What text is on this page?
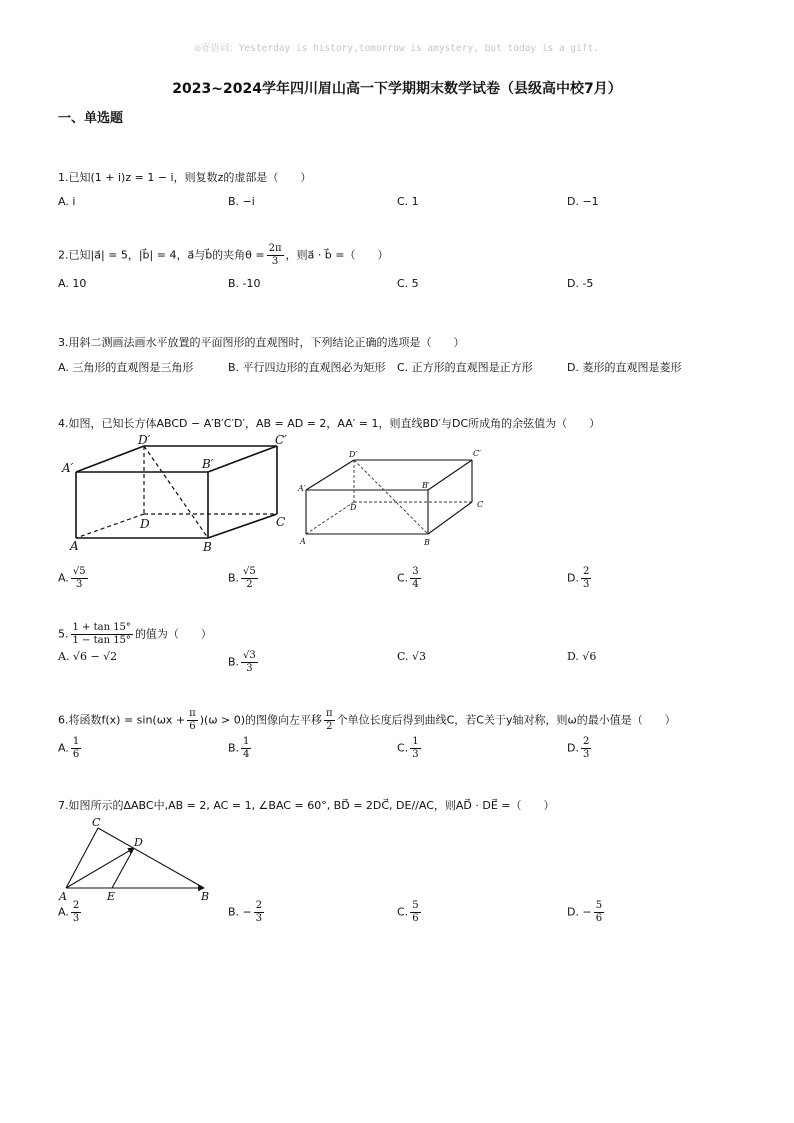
◎寄语词：Yesterday is history,tomorrow is amystery, but today is a gift.
2023~2024学年四川眉山高一下学期期末数学试卷（县级高中校7月）
一、单选题
1.已知(1 + i)z = 1 − i，则复数z的虚部是（　　）
A. i	B. −i	C. 1	D. −1
2.已知|a⃗| = 5，|b⃗| = 4，a⃗与b⃗的夹角$\theta = \frac{2\pi}{3}$ ，则a⃗ · b⃗ =（　　）
A. 10	B. -10	C. 5	D. -5
3.用斜二测画法画水平放置的平面图形的直观图时，下列结论正确的选项是（　　）
A. 三角形的直观图是三角形	B. 平行四边形的直观图必为矩形 C. 正方形的直观图是正方形	D. 菱形的直观图是菱形
4.如图，已知长方体ABCD − A′B′C′D′，AB = AD = 2，AA′ = 1，则直线BD′与DC所成角的余弦值为（　　）
D′	C′
A′	B′
D	C
A	B
D′	C′
A′	B′
D	C
A	B
A. $\frac{√5}{3}$	B. $\frac{√5}{2}$	C. $\frac{3}{4}$	D. $\frac{2}{3}$
5. $\frac{1 + \tan 15^\circ}{1 - \tan 15^\circ}$ 的值为（　　）
A. √6 − √2	B. $\frac{√3}{3}$	C. √3	D. √6
6.将函数$f(x) = \sin(\omega x + \frac{\pi}{6} )(\omega > 0)$的图像向左平移 $\frac{\pi}{2}$ 个单位长度后得到曲线C，若C关于y轴对称，则ω的最小值是（　　）
A. $\frac{1}{6}$	B. $\frac{1}{4}$	C. $\frac{1}{3}$	D. $\frac{2}{3}$
7.如图所示的ΔABC中,AB = 2, AC = 1, ∠BAC = 60°, BD⃗ = 2DC⃗, DE//AC，则AD⃗ · DE⃗ =（　　）
C
D
A	E	B
A. $\frac{2}{3}$	B. − $\frac{2}{3}$	C. $\frac{5}{6}$	D. − $\frac{5}{6}$
